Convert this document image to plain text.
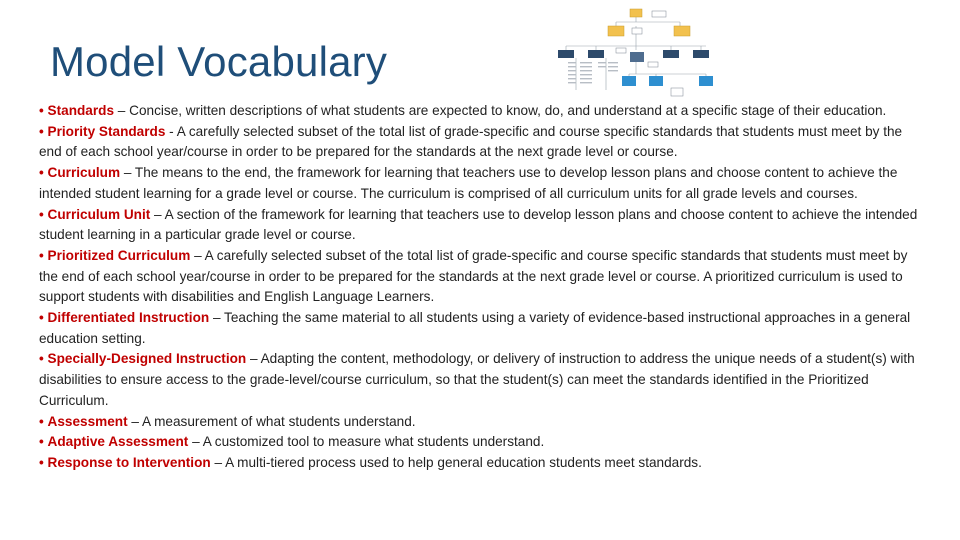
Model Vocabulary
• Standards – Concise, written descriptions of what students are expected to know, do, and understand at a specific stage of their education.
• Priority Standards - A carefully selected subset of the total list of grade-specific and course specific standards that students must meet by the end of each school year/course in order to be prepared for the standards at the next grade level or course.
• Curriculum – The means to the end, the framework for learning that teachers use to develop lesson plans and choose content to achieve the intended student learning for a grade level or course. The curriculum is comprised of all curriculum units for all grade levels and courses.
• Curriculum Unit – A section of the framework for learning that teachers use to develop lesson plans and choose content to achieve the intended student learning in a particular grade level or course.
• Prioritized Curriculum – A carefully selected subset of the total list of grade-specific and course specific standards that students must meet by the end of each school year/course in order to be prepared for the standards at the next grade level or course. A prioritized curriculum is used to support students with disabilities and English Language Learners.
• Differentiated Instruction – Teaching the same material to all students using a variety of evidence-based instructional approaches in a general education setting.
• Specially-Designed Instruction – Adapting the content, methodology, or delivery of instruction to address the unique needs of a student(s) with disabilities to ensure access to the grade-level/course curriculum, so that the student(s) can meet the standards identified in the Prioritized Curriculum.
• Assessment – A measurement of what students understand.
• Adaptive Assessment – A customized tool to measure what students understand.
• Response to Intervention – A multi-tiered process used to help general education students meet standards.
